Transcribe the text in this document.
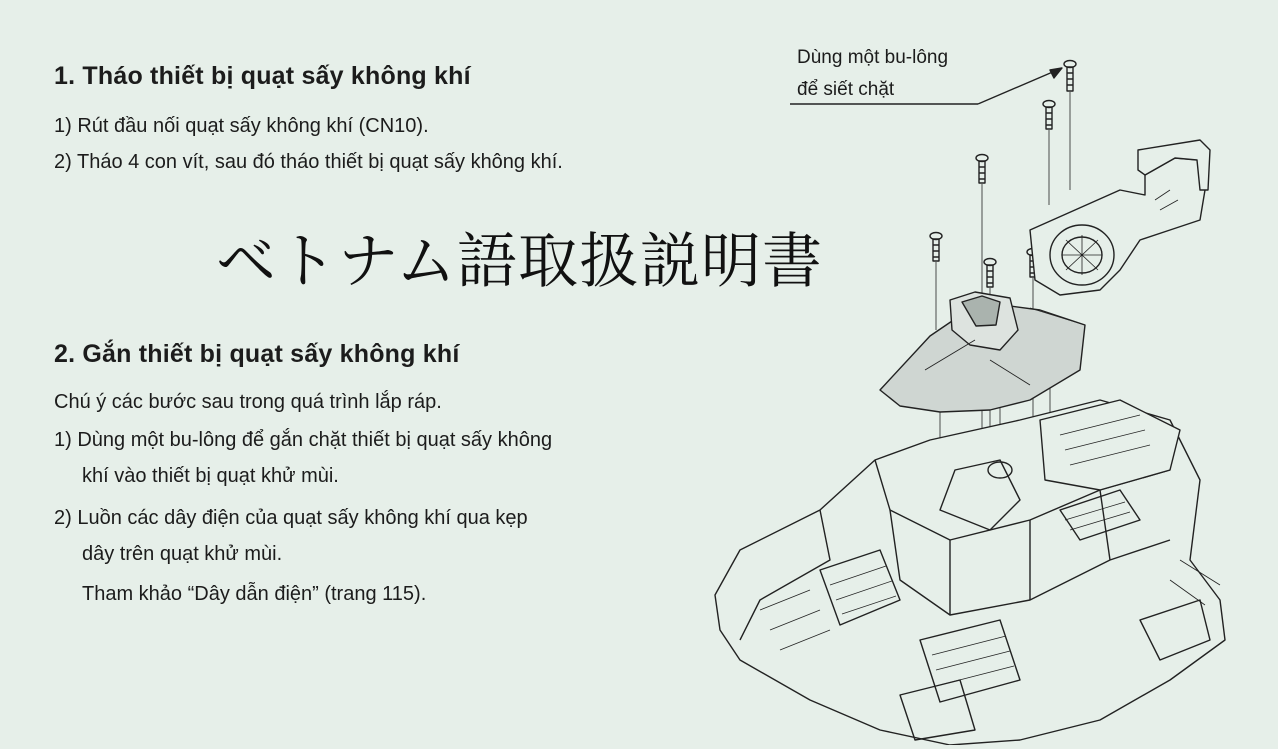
1. Tháo thiết bị quạt sấy không khí
1) Rút đầu nối quạt sấy không khí (CN10).
2) Tháo 4 con vít, sau đó tháo thiết bị quạt sấy không khí.
ベトナム語取扱説明書
2. Gắn thiết bị quạt sấy không khí
Chú ý các bước sau trong quá trình lắp ráp.
1) Dùng một bu-lông để gắn chặt thiết bị quạt sấy không
khí vào thiết bị quạt khử mùi.
2) Luồn các dây điện của quạt sấy không khí qua kẹp
dây trên quạt khử mùi.
Tham khảo “Dây dẫn điện” (trang 115).
Dùng một bu-lông
để siết chặt
